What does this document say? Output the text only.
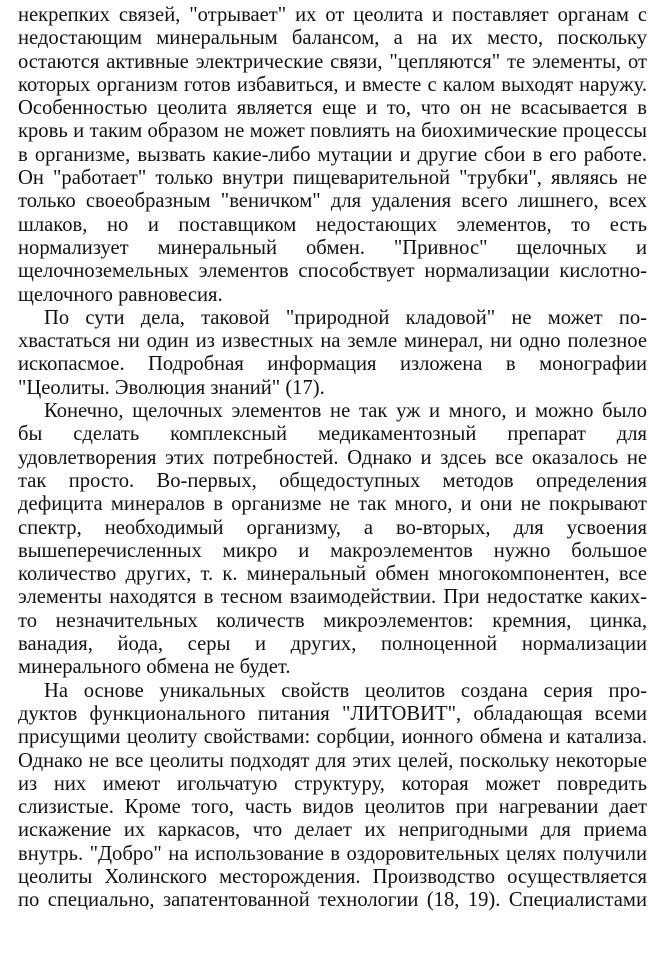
некрепких связей, "отрывает" их от цеолита и поставляет органам с
недостающим минеральным балансом, а на их место, поскольку
остаются активные электрические связи, "цепляются" те элементы, от
которых организм готов избавиться, и вместе с калом выходят наружу.
Особенностью цеолита является еще и то, что он не всасывается в
кровь и таким образом не может повлиять на биохимические процессы
в организме, вызвать какие-либо мутации и другие сбои в его работе.
Он "работает" только внутри пищеварительной "трубки", являясь не
только своеобразным "веничком" для удаления всего лишнего, всех
шлаков, но и поставщиком недостающих элементов, то есть
нормализует минеральный обмен. "Привнос" щелочных и
щелочноземельных элементов способствует нормализации кислотно-
щелочного равновесия.
По сути дела, таковой "природной кладовой" не может по-
хвастаться ни один из известных на земле минерал, ни одно полезное
ископасмое. Подробная информация изложена в монографии
"Цеолиты. Эволюция знаний" (17).
Конечно, щелочных элементов не так уж и много, и можно было
бы сделать комплексный медикаментозный препарат для
удовлетворения этих потребностей. Однако и здсеь все оказалось не
так просто. Во-первых, общедоступных методов определения
дефицита минералов в организме не так много, и они не покрывают
спектр, необходимый организму, а во-вторых, для усвоения
вышеперечисленных микро и макроэлементов нужно большое
количество других, т. к. минеральный обмен многокомпонентен, все
элементы находятся в тесном взаимодействии. При недостатке каких-
то незначительных количеств микроэлементов: кремния, цинка,
ванадия, йода, серы и других, полноценной нормализации
минерального обмена не будет.
На основе уникальных свойств цеолитов создана серия про-
дуктов функционального питания "ЛИТОВИТ", обладающая всеми
присущими цеолиту свойствами: сорбции, ионного обмена и катализа.
Однако не все цеолиты подходят для этих целей, поскольку некоторые
из них имеют игольчатую структуру, которая может повредить
слизистые. Кроме того, часть видов цеолитов при нагревании дает
искажение их каркасов, что делает их непригодными для приема
внутрь. "Добро" на использование в оздоровительных целях получили
цеолиты Холинского месторождения. Производство осуществляется
по специально, запатентованной технологии (18, 19). Специалистами
